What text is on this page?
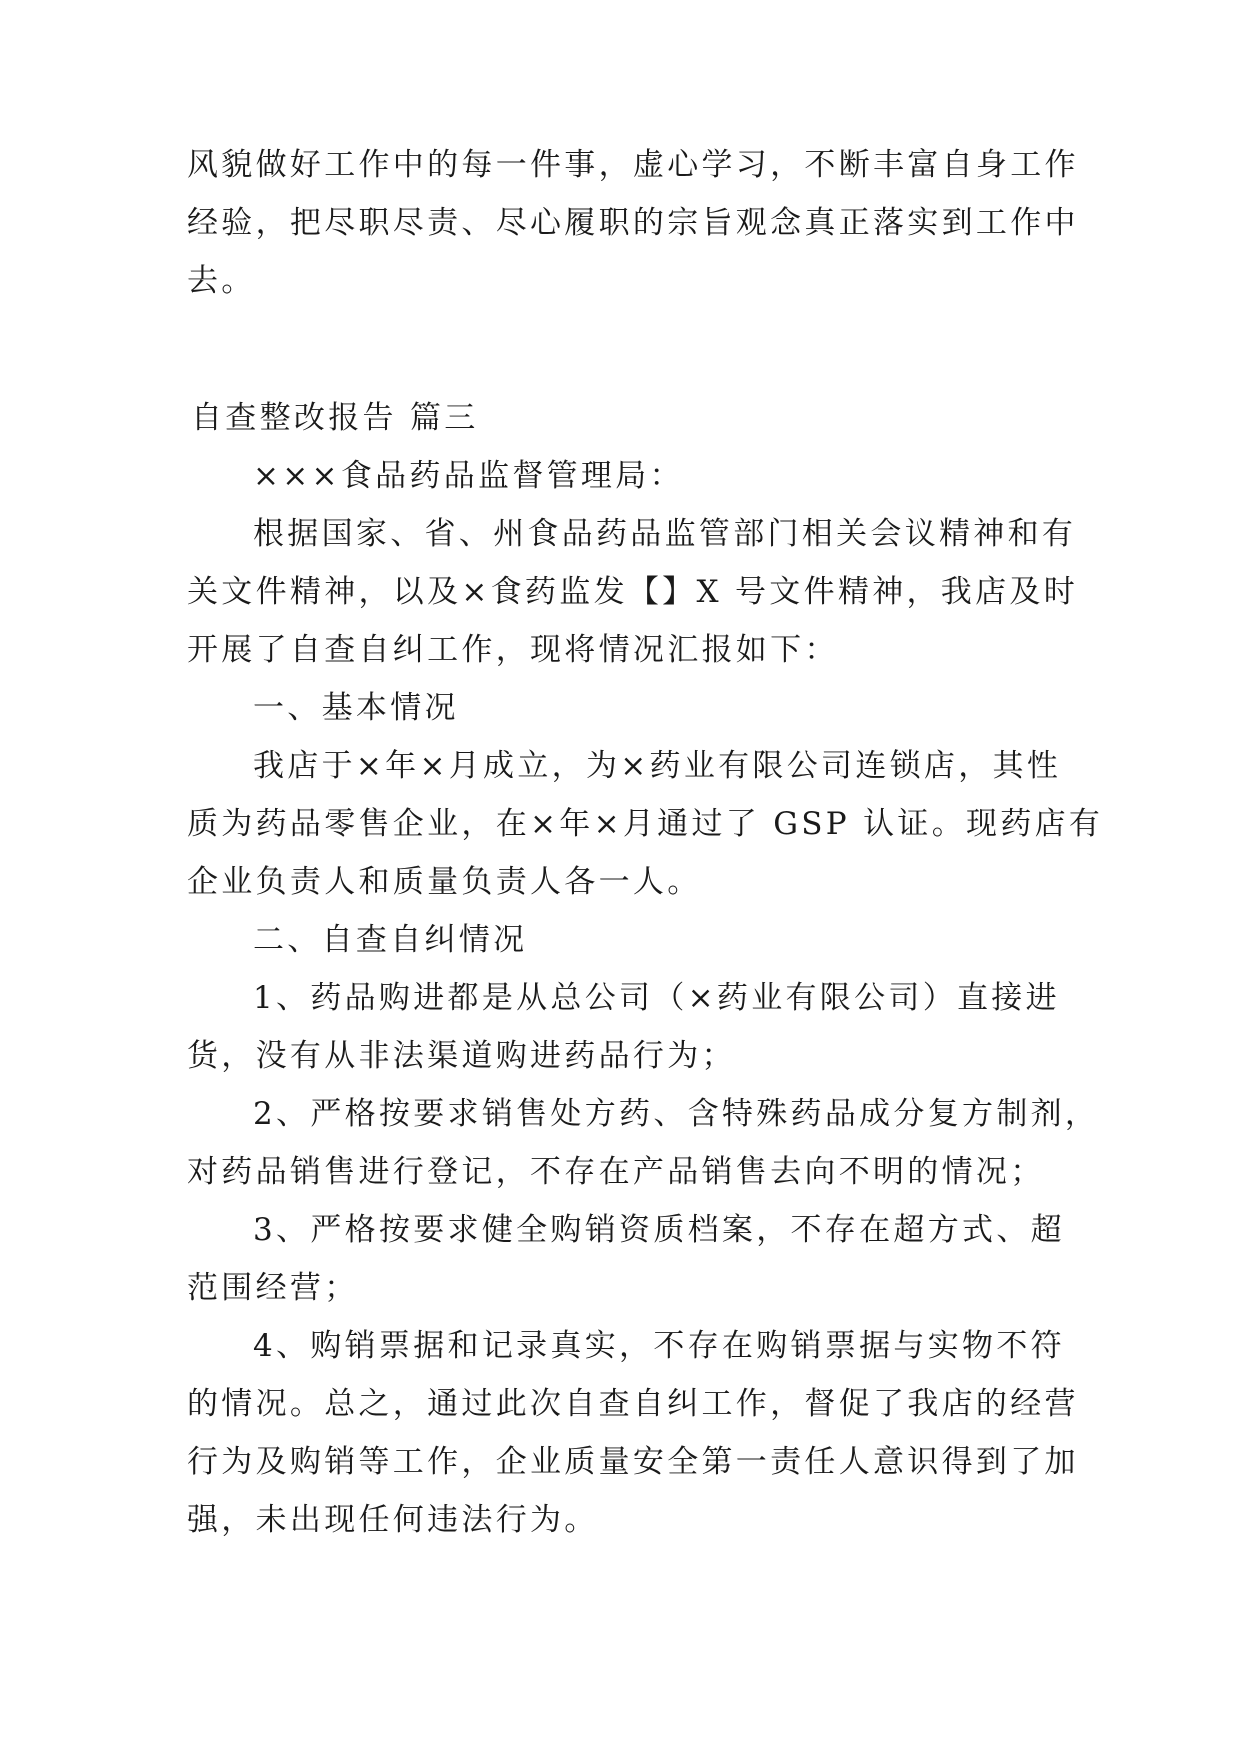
风貌做好工作中的每一件事，虚心学习，不断丰富自身工作
经验，把尽职尽责、尽心履职的宗旨观念真正落实到工作中
去。
自查整改报告 篇三
×××食品药品监督管理局：
根据国家、省、州食品药品监管部门相关会议精神和有
关文件精神，以及×食药监发【】X 号文件精神，我店及时
开展了自查自纠工作，现将情况汇报如下：
一、基本情况
我店于×年×月成立，为×药业有限公司连锁店，其性
质为药品零售企业，在×年×月通过了 GSP 认证。现药店有
企业负责人和质量负责人各一人。
二、自查自纠情况
1、药品购进都是从总公司（×药业有限公司）直接进
货，没有从非法渠道购进药品行为；
2、严格按要求销售处方药、含特殊药品成分复方制剂，
对药品销售进行登记，不存在产品销售去向不明的情况；
3、严格按要求健全购销资质档案，不存在超方式、超
范围经营；
4、购销票据和记录真实，不存在购销票据与实物不符
的情况。总之，通过此次自查自纠工作，督促了我店的经营
行为及购销等工作，企业质量安全第一责任人意识得到了加
强，未出现任何违法行为。
